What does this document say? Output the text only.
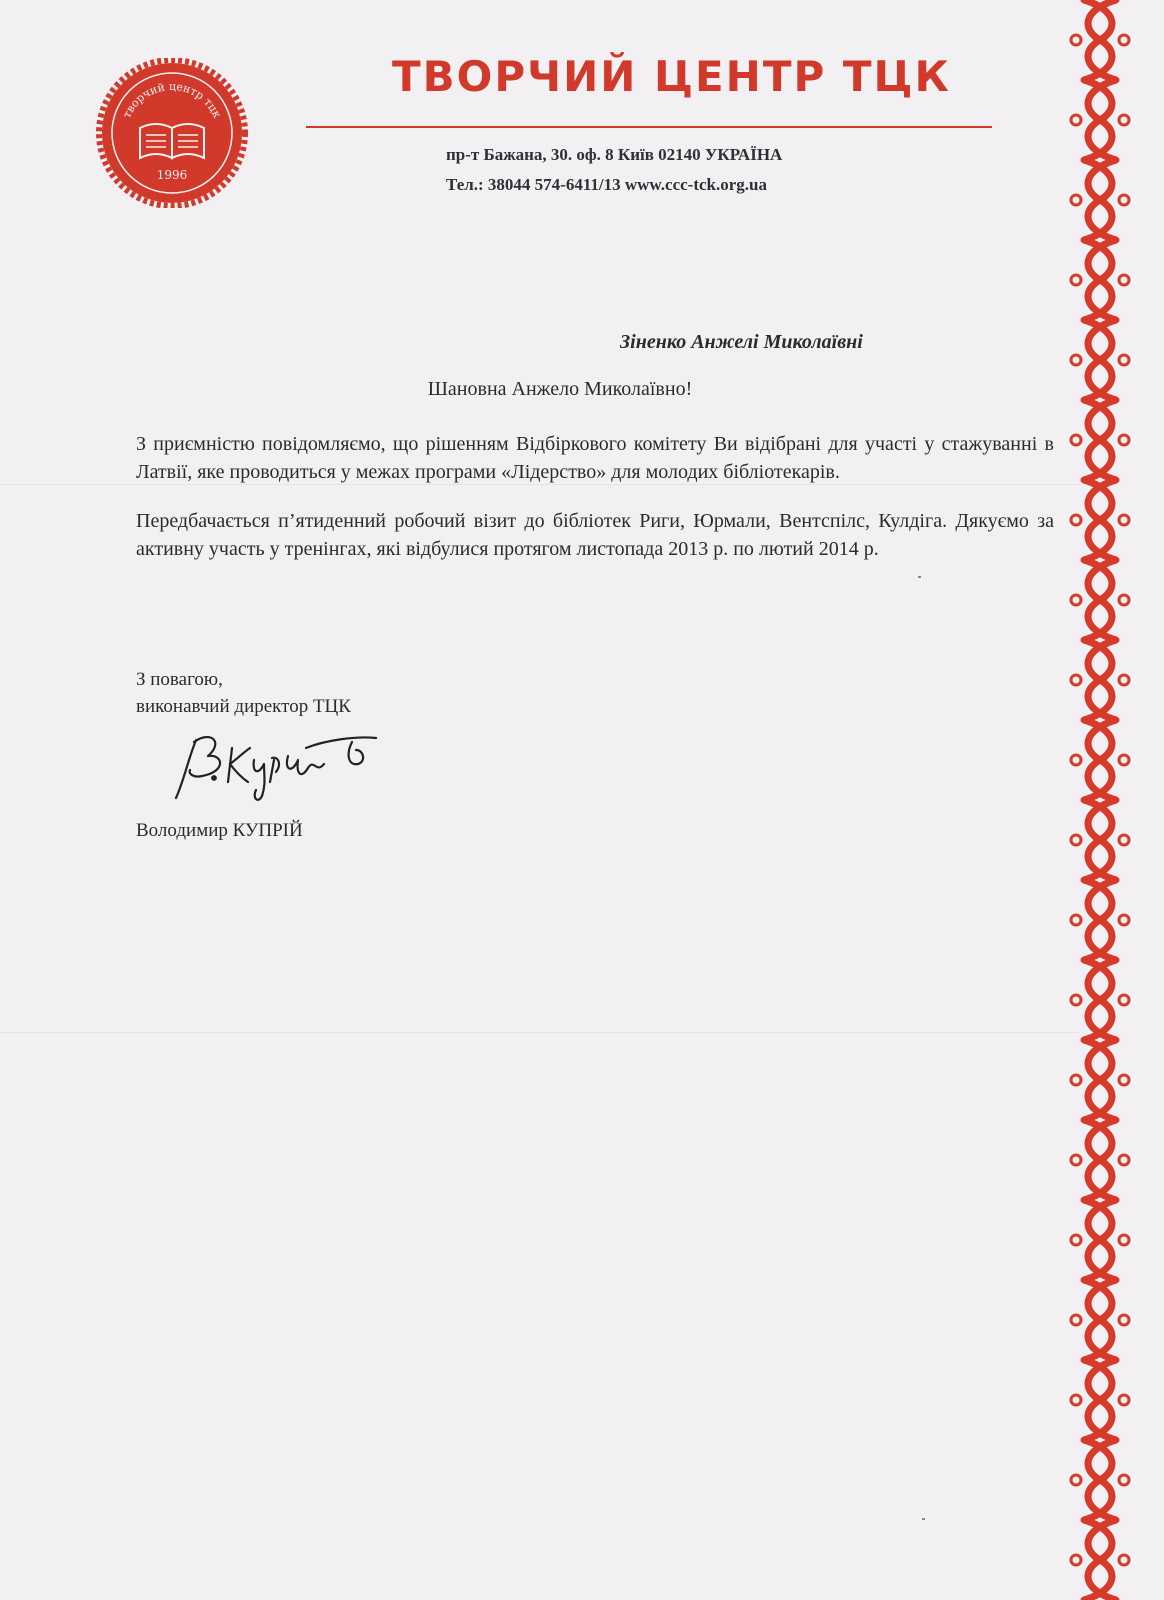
творчий центр тцк
1996
ТВОРЧИЙ ЦЕНТР ТЦК
пр-т Бажана, 30. оф. 8 Київ 02140 УКРАЇНА
Тел.: 38044 574-6411/13 www.ccc-tck.org.ua
Зіненко Анжелі Миколаївні
Шановна Анжело Миколаївно!
З приємністю повідомляємо, що рішенням Відбіркового комітету Ви відібрані для участі у стажуванні в Латвії, яке проводиться у межах програми «Лідерство» для молодих бібліотекарів.
Передбачається п’ятиденний робочий візит до бібліотек Риги, Юрмали, Вентспілс, Кулдіга. Дякуємо за активну участь у тренінгах, які відбулися протягом листопада 2013 р. по лютий 2014 р.
З повагою,
виконавчий директор ТЦК
Володимир КУПРІЙ
